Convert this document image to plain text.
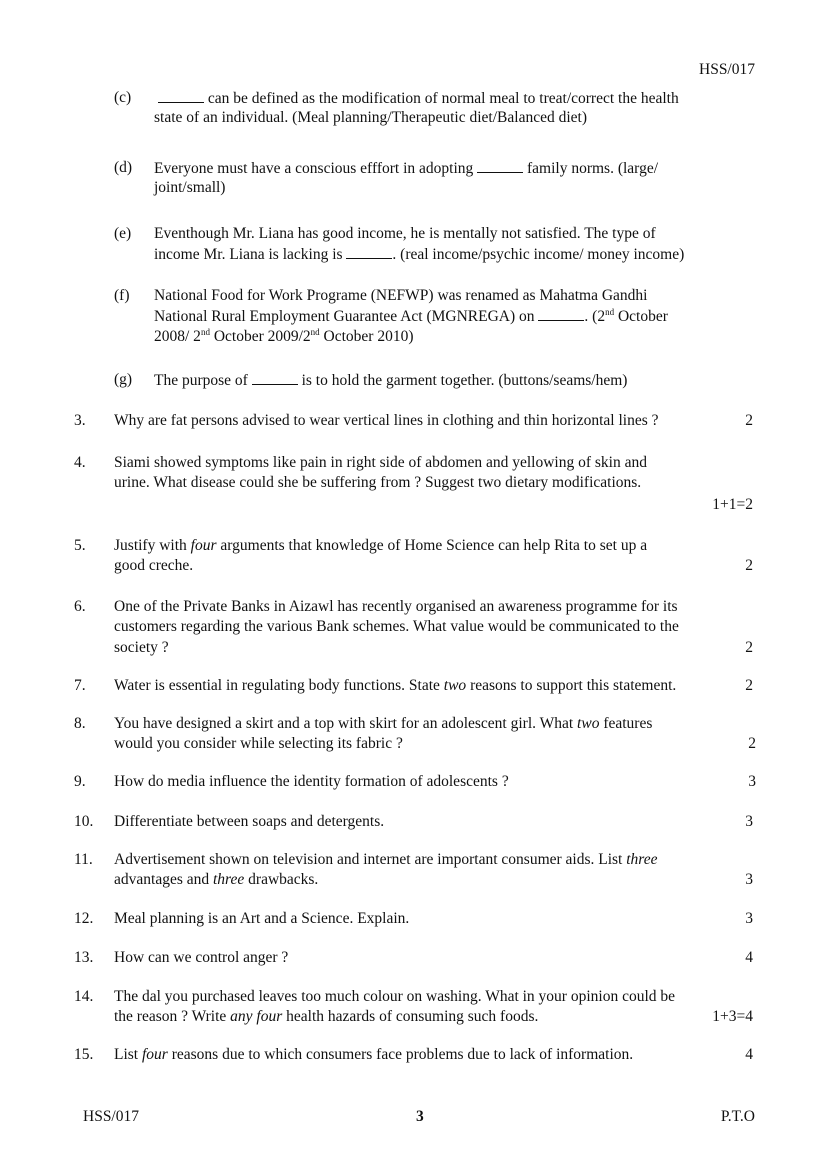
HSS/017
(c)	can be defined as the modification of normal meal to treat/correct the health
state of an individual. (Meal planning/Therapeutic diet/Balanced diet)
(d) Everyone must have a conscious efffort in adopting	family norms. (large/
joint/small)
(e) Eventhough Mr. Liana has good income, he is mentally not satisfied. The type of
income Mr. Liana is lacking is	. (real income/psychic income/ money income)
(f) National Food for Work Programe (NEFWP) was renamed as Mahatma Gandhi
National Rural Employment Guarantee Act (MGNREGA) on	. (2nd October
2008/ 2nd October 2009/2nd October 2010)
(g) The purpose of	is to hold the garment together. (buttons/seams/hem)
3. Why are fat persons advised to wear vertical lines in clothing and thin horizontal lines ?	2
4. Siami showed symptoms like pain in right side of abdomen and yellowing of skin and
urine. What disease could she be suffering from ? Suggest two dietary modifications.
1+1=2
5. Justify with four arguments that knowledge of Home Science can help Rita to set up a
good creche.	2
6. One of the Private Banks in Aizawl has recently organised an awareness programme for its
customers regarding the various Bank schemes. What value would be communicated to the
society ?	2
7. Water is essential in regulating body functions. State two reasons to support this statement.	2
8. You have designed a skirt and a top with skirt for an adolescent girl. What two features
would you consider while selecting its fabric ?	2
9. How do media influence the identity formation of adolescents ?	3
10. Differentiate between soaps and detergents.	3
11. Advertisement shown on television and internet are important consumer aids. List three
advantages and three drawbacks.	3
12. Meal planning is an Art and a Science. Explain.	3
13. How can we control anger ?	4
14. The dal you purchased leaves too much colour on washing. What in your opinion could be
the reason ? Write any four health hazards of consuming such foods.	1+3=4
15. List four reasons due to which consumers face problems due to lack of information.	4
HSS/017	3	P.T.O
